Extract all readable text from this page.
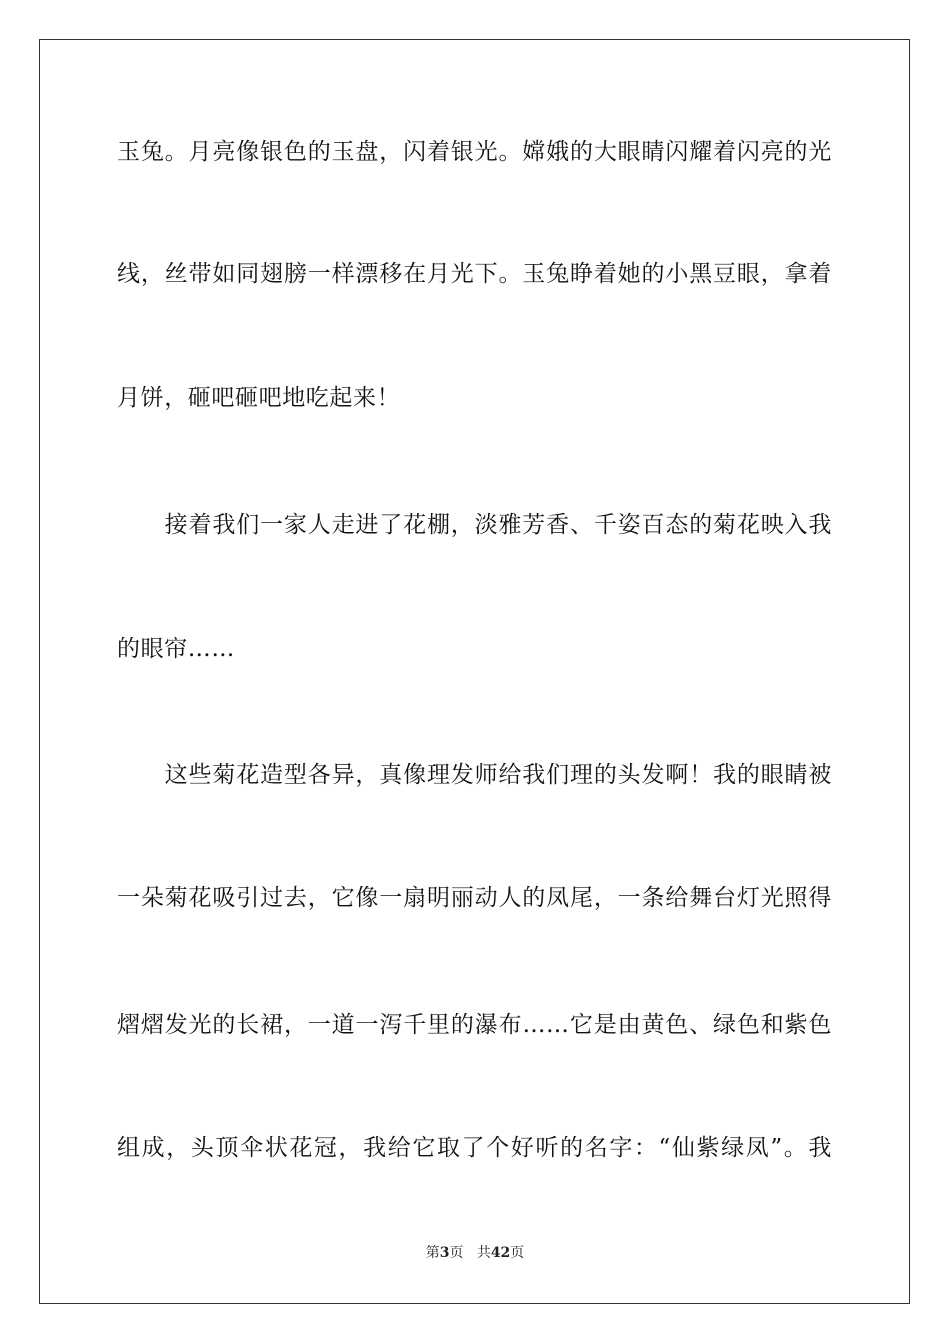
玉兔。月亮像银色的玉盘，闪着银光。嫦娥的大眼睛闪耀着闪亮的光
线，丝带如同翅膀一样漂移在月光下。玉兔睁着她的小黑豆眼，拿着
月饼，砸吧砸吧地吃起来！
　　接着我们一家人走进了花棚，淡雅芳香、千姿百态的菊花映入我
的眼帘……
　　这些菊花造型各异，真像理发师给我们理的头发啊！我的眼睛被
一朵菊花吸引过去，它像一扇明丽动人的凤尾，一条给舞台灯光照得
熠熠发光的长裙，一道一泻千里的瀑布……它是由黄色、绿色和紫色
组成，头顶伞状花冠，我给它取了个好听的名字：“仙紫绿凤”。我
第3页 共42页
